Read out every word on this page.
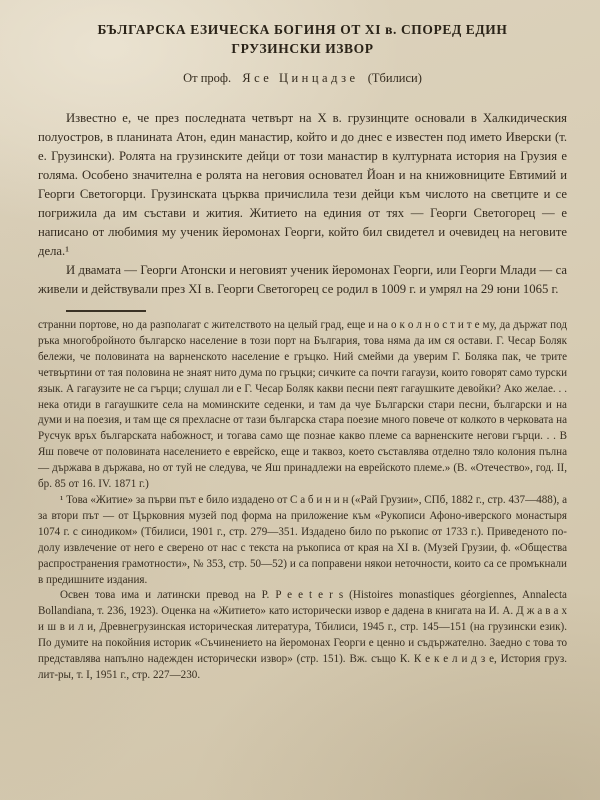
БЪЛГАРСКА ЕЗИЧЕСКА БОГИНЯ ОТ XI в. СПОРЕД ЕДИН
ГРУЗИНСКИ ИЗВОР
От проф. Ясе Цинцадзе (Тбилиси)

Известно е, че през последната четвърт на X в. грузинците основали в Халкидическия полуостров, в планината Атон, един манастир, който и до днес е известен под името Иверски (т. е. Грузински). Ролята на грузинските дейци от този манастир в културната история на Грузия е голяма. Особено значителна е ролята на неговия основател Йоан и на книжовниците Евтимий и Георги Светогорци. Грузинската църква причислила тези дейци към числото на светците и се погрижила да им състави и жития. Житието на единия от тях — Георги Светогорец — е написано от любимия му ученик йеромонах Георги, който бил свидетел и очевидец на неговите дела.¹

И двамата — Георги Атонски и неговият ученик йеромонах Георги, или Георги Млади — са живели и действували през XI в. Георги Светогорец се родил в 1009 г. и умрял на 29 юни 1065 г.

странни портове, но да разполагат с жителството на целый град, еще и на о к о л н о с т и т е му, да държат под ръка многобройното българско население в този порт на България, това няма да им ся остави. Г. Чесар Боляк бележи, че половината на варненското население е гръцко. Ний смейми да уверим Г. Боляка пак, че трите четвъртини от тая половина не знаят нито дума по гръцки; сичките са почти гагаузи, които говорят само турски язык. А гагаузите не са гърци; слушал ли е Г. Чесар Боляк какви песни пеят гагаушките девойки? Ако желае. . . нека отиди в гагаушките села на моминските седенки, и там да чуе Български стари песни, български и на думи и на поезия, и там ще ся прехласне от тази българска стара поезие много повече от колкото в черковата на Русчук връх българската набожност, и тогава само ще познае какво племе са варненските негови гърци. . . В Яш повече от половината населението е еврейско, еще и таквоз, което съставлява отделно тяло колония пълна — държава в държава, но от туй не следува, че Яш принадлежи на еврейското племе.» (В. «Отечество», год. II, бр. 85 от 16. IV. 1871 г.)

¹ Това «Житие» за първи път е било издадено от С а б и н и н («Рай Грузии», СПб, 1882 г., стр. 437—488), а за втори път — от Църковния музей под форма на приложение към «Рукописи Афоно-иверского монастыря 1074 г. с синодиком» (Тбилиси, 1901 г., стр. 279—351. Издадено било по ръкопис от 1733 г.). Приведеното по-долу извлечение от него е сверено от нас с текста на ръкописа от края на XI в. (Музей Грузии, ф. «Общества распространения грамотности», № 353, стр. 50—52) и са поправени някои неточности, които са се промъкнали в предишните издания.

Освен това има и латински превод на P. P e e t e r s (Histoires monastiques géorgiennes, Annalecta Bollandiana, т. 236, 1923). Оценка на «Житието» като исторически извор е дадена в книгата на И. А. Д ж а в а х и ш в и л и, Древнегрузинская историческая литература, Тбилиси, 1945 г., стр. 145—151 (на грузински език). По думите на покойния историк «Съчинението на йеромонах Георги е ценно и съдържателно. Заедно с това то представлява напълно надежден исторически извор» (стр. 151). Вж. също К. К е к е л и д з е, История груз. лит-ры, т. I, 1951 г., стр. 227—230.
